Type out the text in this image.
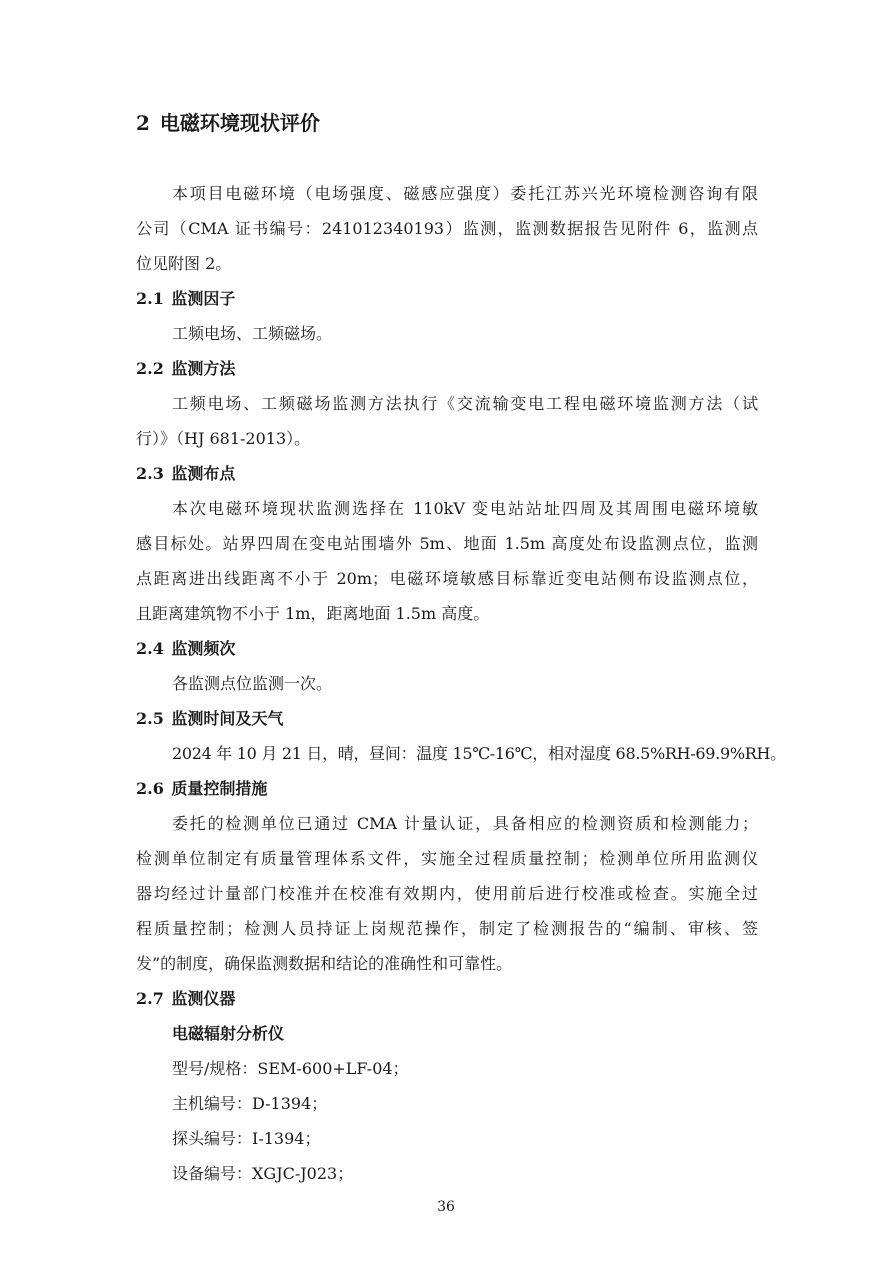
2 电磁环境现状评价
本项目电磁环境（电场强度、磁感应强度）委托江苏兴光环境检测咨询有限
公司（CMA 证书编号：241012340193）监测，监测数据报告见附件 6，监测点
位见附图 2。
2.1 监测因子
工频电场、工频磁场。
2.2 监测方法
工频电场、工频磁场监测方法执行《交流输变电工程电磁环境监测方法（试
行）》（HJ 681-2013）。
2.3 监测布点
本次电磁环境现状监测选择在 110kV 变电站站址四周及其周围电磁环境敏
感目标处。站界四周在变电站围墙外 5m、地面 1.5m 高度处布设监测点位，监测
点距离进出线距离不小于 20m；电磁环境敏感目标靠近变电站侧布设监测点位，
且距离建筑物不小于 1m，距离地面 1.5m 高度。
2.4 监测频次
各监测点位监测一次。
2.5 监测时间及天气
2024 年 10 月 21 日，晴，昼间：温度 15℃-16℃，相对湿度 68.5%RH-69.9%RH。
2.6 质量控制措施
委托的检测单位已通过 CMA 计量认证，具备相应的检测资质和检测能力；
检测单位制定有质量管理体系文件，实施全过程质量控制；检测单位所用监测仪
器均经过计量部门校准并在校准有效期内，使用前后进行校准或检查。实施全过
程质量控制；检测人员持证上岗规范操作，制定了检测报告的“编制、审核、签
发”的制度，确保监测数据和结论的准确性和可靠性。
2.7 监测仪器
电磁辐射分析仪
型号/规格：SEM-600+LF-04；
主机编号：D-1394；
探头编号：I-1394；
设备编号：XGJC-J023；
36
